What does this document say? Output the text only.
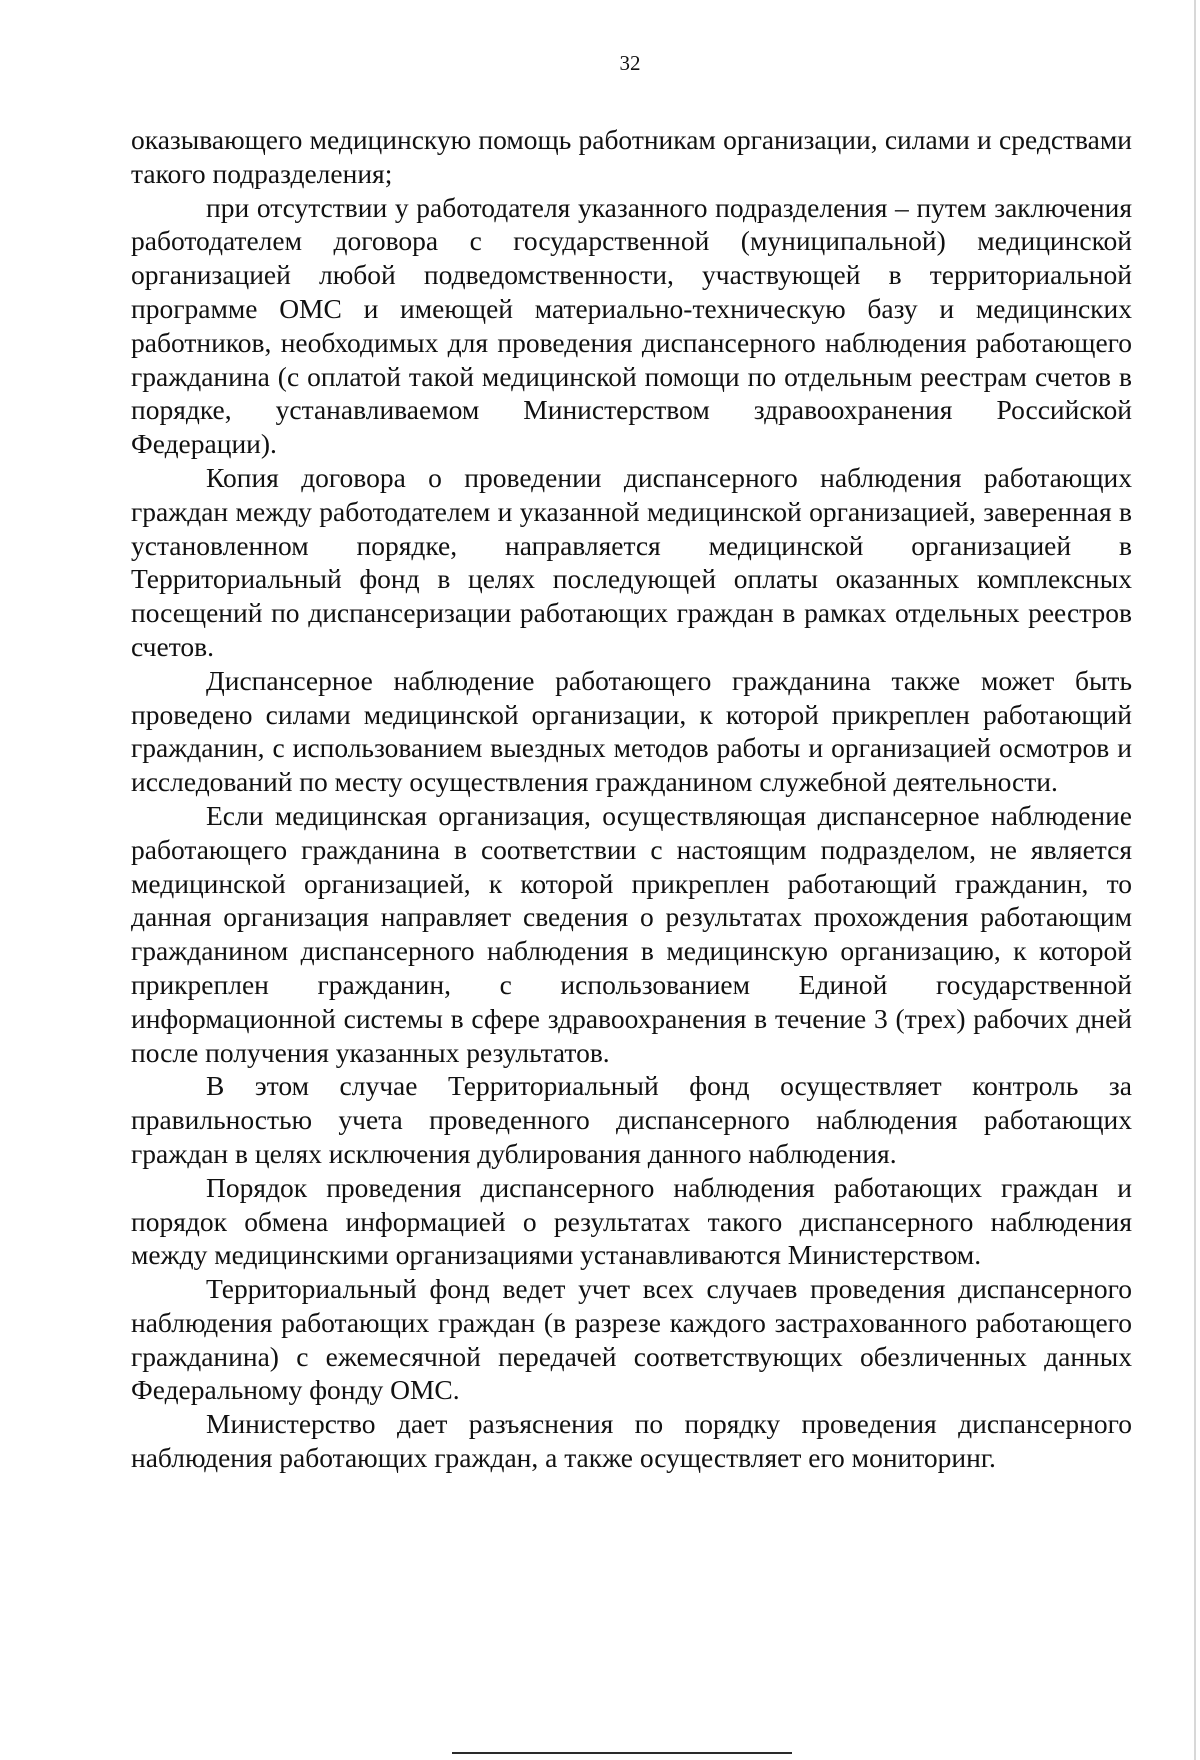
32

оказывающего медицинскую помощь работникам организации, силами и средствами такого подразделения;

при отсутствии у работодателя указанного подразделения – путем заключения работодателем договора с государственной (муниципальной) медицинской организацией любой подведомственности, участвующей в территориальной программе ОМС и имеющей материально-техническую базу и медицинских работников, необходимых для проведения диспансерного наблюдения работающего гражданина (с оплатой такой медицинской помощи по отдельным реестрам счетов в порядке, устанавливаемом Министерством здравоохранения Российской Федерации).

Копия договора о проведении диспансерного наблюдения работающих граждан между работодателем и указанной медицинской организацией, заверенная в установленном порядке, направляется медицинской организацией в Территориальный фонд в целях последующей оплаты оказанных комплексных посещений по диспансеризации работающих граждан в рамках отдельных реестров счетов.

Диспансерное наблюдение работающего гражданина также может быть проведено силами медицинской организации, к которой прикреплен работающий гражданин, с использованием выездных методов работы и организацией осмотров и исследований по месту осуществления гражданином служебной деятельности.

Если медицинская организация, осуществляющая диспансерное наблюдение работающего гражданина в соответствии с настоящим подразделом, не является медицинской организацией, к которой прикреплен работающий гражданин, то данная организация направляет сведения о результатах прохождения работающим гражданином диспансерного наблюдения в медицинскую организацию, к которой прикреплен гражданин, с использованием Единой государственной информационной системы в сфере здравоохранения в течение 3 (трех) рабочих дней после получения указанных результатов.

В этом случае Территориальный фонд осуществляет контроль за правильностью учета проведенного диспансерного наблюдения работающих граждан в целях исключения дублирования данного наблюдения.

Порядок проведения диспансерного наблюдения работающих граждан и порядок обмена информацией о результатах такого диспансерного наблюдения между медицинскими организациями устанавливаются Министерством.

Территориальный фонд ведет учет всех случаев проведения диспансерного наблюдения работающих граждан (в разрезе каждого застрахованного работающего гражданина) с ежемесячной передачей соответствующих обезличенных данных Федеральному фонду ОМС.

Министерство дает разъяснения по порядку проведения диспансерного наблюдения работающих граждан, а также осуществляет его мониторинг.
